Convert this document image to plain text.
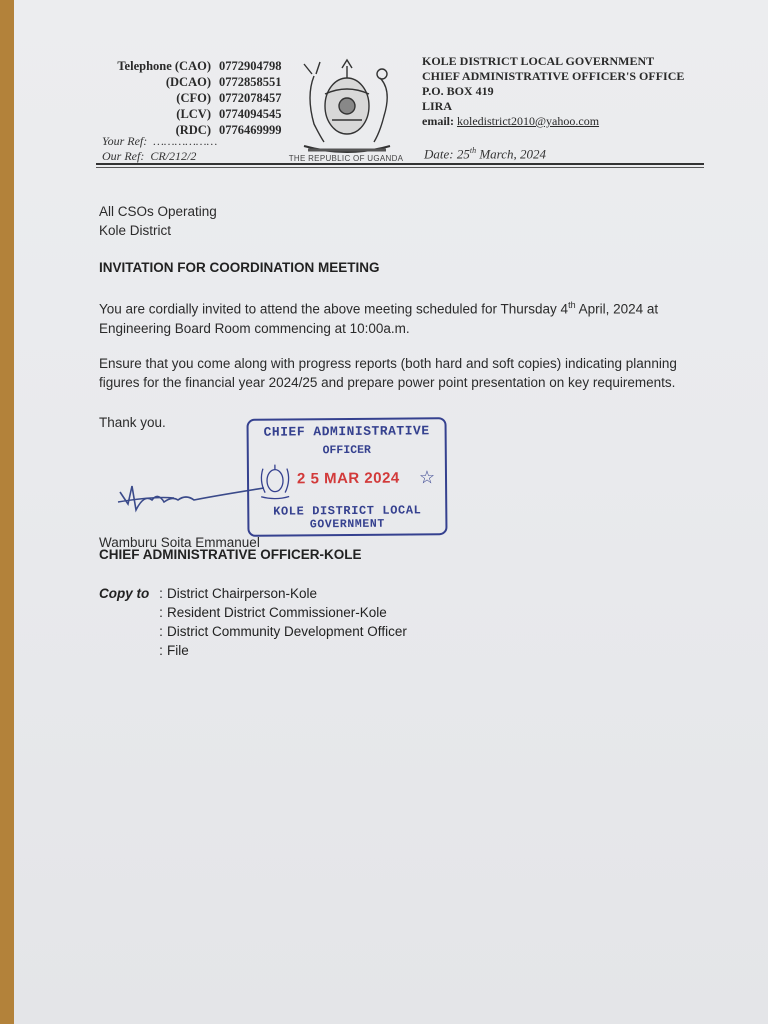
Telephone (CAO) 0772904798
(DCAO) 0772858551
(CFO) 0772078457
(LCV) 0774094545
(RDC) 0776469999
Your Ref: ………………
Our Ref: CR/212/2	THE REPUBLIC OF UGANDA
KOLE DISTRICT LOCAL GOVERNMENT
CHIEF ADMINISTRATIVE OFFICER'S OFFICE
P.O. BOX 419
LIRA
email: koledistrict2010@yahoo.com
Date: 25th March, 2024
All CSOs Operating
Kole District
INVITATION FOR COORDINATION MEETING
You are cordially invited to attend the above meeting scheduled for Thursday 4th April, 2024 at Engineering Board Room commencing at 10:00a.m.
Ensure that you come along with progress reports (both hard and soft copies) indicating planning figures for the financial year 2024/25 and prepare power point presentation on key requirements.
Thank you.
CHIEF ADMINISTRATIVE
OFFICER
2 5 MAR 2024 ☆
KOLE DISTRICT LOCAL
GOVERNMENT
Wamburu Soita Emmanuel
CHIEF ADMINISTRATIVE OFFICER-KOLE
Copy to : District Chairperson-Kole
: Resident District Commissioner-Kole
: District Community Development Officer
: File
